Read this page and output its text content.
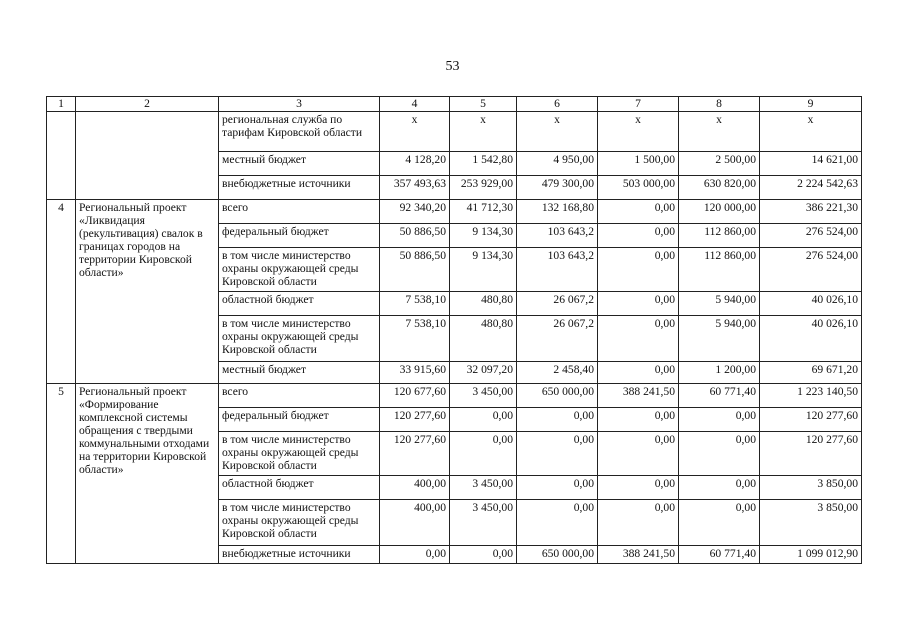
53
1	2	3	4	5	6	7	8	9
		региональная служба по тарифам Кировской области	x	x	x	x	x	x
		местный бюджет	4 128,20	1 542,80	4 950,00	1 500,00	2 500,00	14 621,00
		внебюджетные источники	357 493,63	253 929,00	479 300,00	503 000,00	630 820,00	2 224 542,63
4	Региональный проект «Ликвидация (рекультивация) свалок в границах городов на территории Кировской области»	всего	92 340,20	41 712,30	132 168,80	0,00	120 000,00	386 221,30
		федеральный бюджет	50 886,50	9 134,30	103 643,2	0,00	112 860,00	276 524,00
		в том числе министерство охраны окружающей среды Кировской области	50 886,50	9 134,30	103 643,2	0,00	112 860,00	276 524,00
		областной бюджет	7 538,10	480,80	26 067,2	0,00	5 940,00	40 026,10
		в том числе министерство охраны окружающей среды Кировской области	7 538,10	480,80	26 067,2	0,00	5 940,00	40 026,10
		местный бюджет	33 915,60	32 097,20	2 458,40	0,00	1 200,00	69 671,20
5	Региональный проект «Формирование комплексной системы обращения с твердыми коммунальными отходами на территории Кировской области»	всего	120 677,60	3 450,00	650 000,00	388 241,50	60 771,40	1 223 140,50
		федеральный бюджет	120 277,60	0,00	0,00	0,00	0,00	120 277,60
		в том числе министерство охраны окружающей среды Кировской области	120 277,60	0,00	0,00	0,00	0,00	120 277,60
		областной бюджет	400,00	3 450,00	0,00	0,00	0,00	3 850,00
		в том числе министерство охраны окружающей среды Кировской области	400,00	3 450,00	0,00	0,00	0,00	3 850,00
		внебюджетные источники	0,00	0,00	650 000,00	388 241,50	60 771,40	1 099 012,90
